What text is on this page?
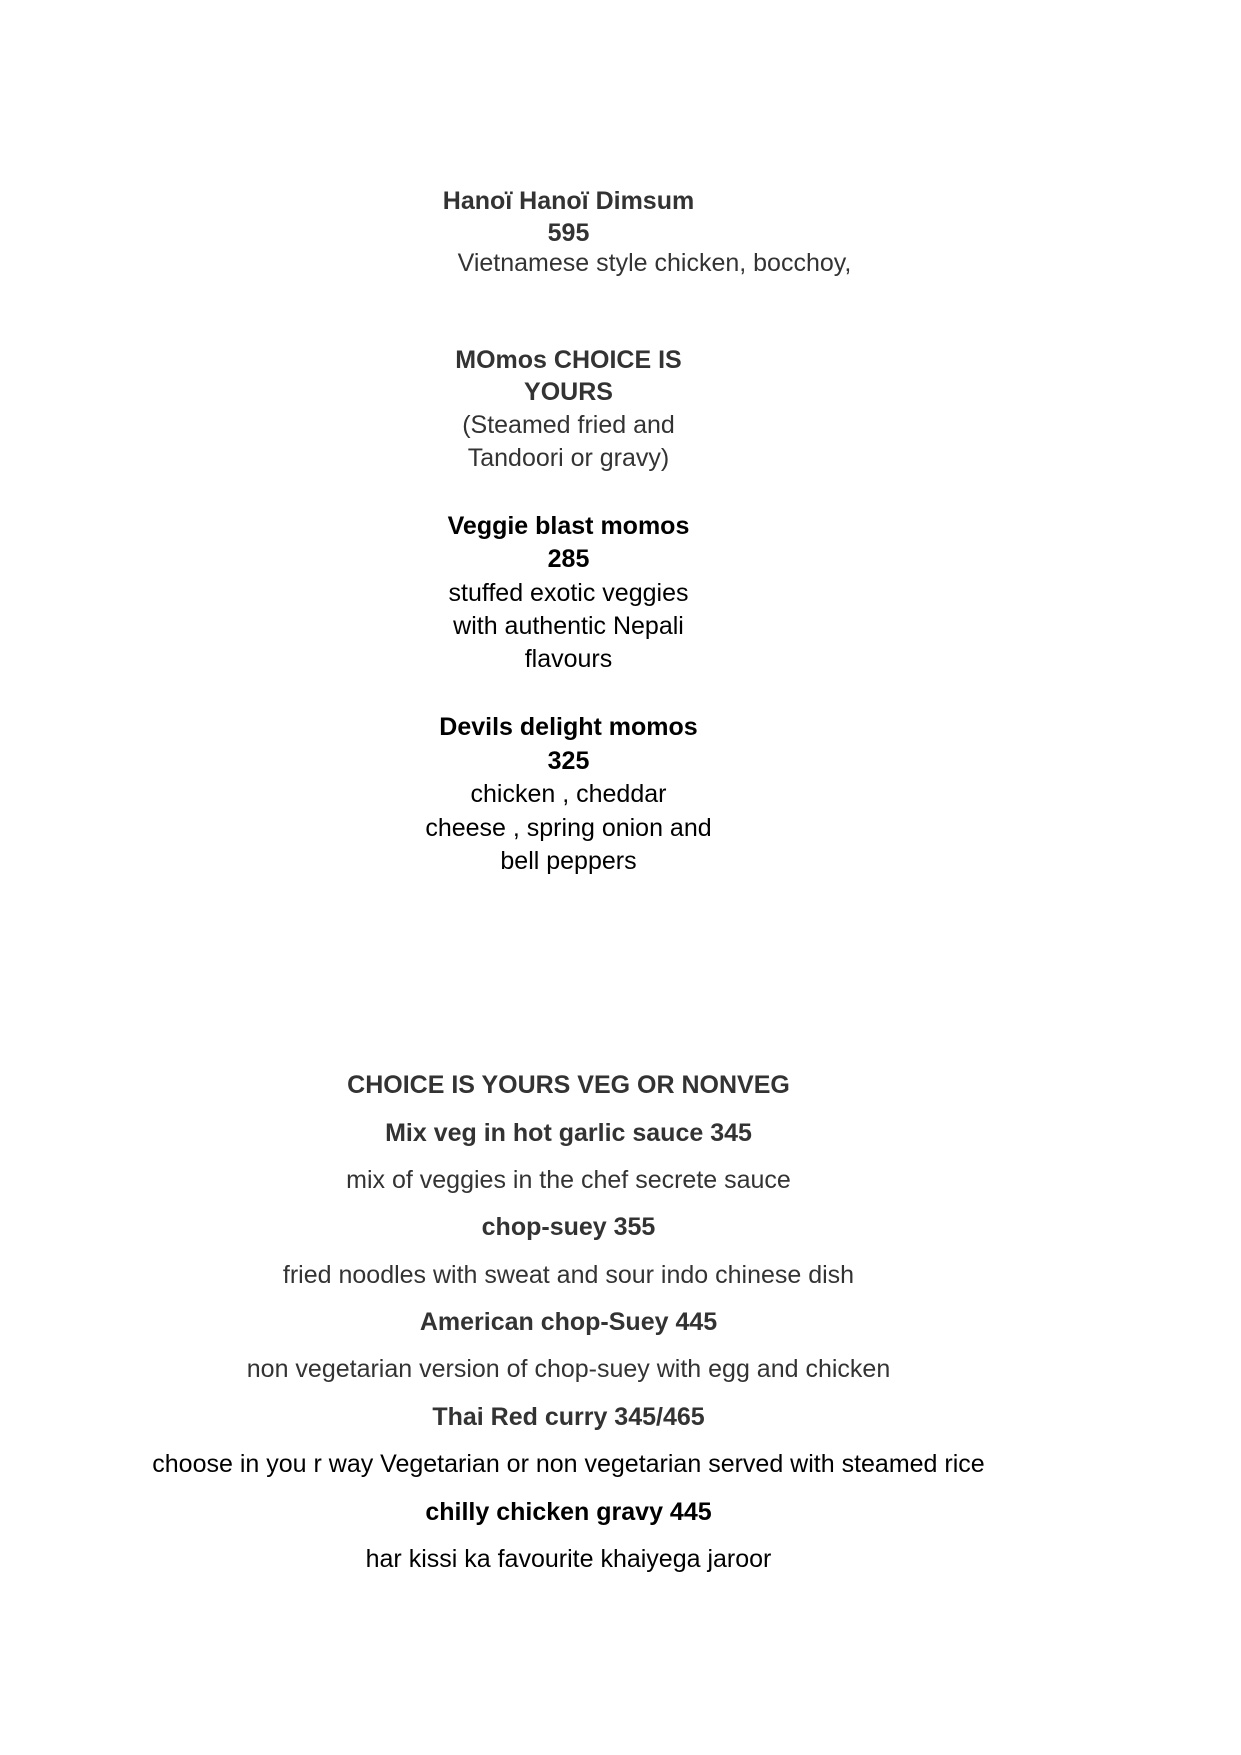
Hanoï Hanoï Dimsum
595
Vietnamese style chicken, bocchoy,
MOmos CHOICE IS
YOURS
(Steamed fried and
Tandoori or gravy)
Veggie blast momos
285
stuffed exotic veggies
with authentic Nepali
flavours
Devils delight momos
325
chicken , cheddar
cheese , spring onion and
bell peppers
CHOICE IS YOURS VEG OR NONVEG
Mix veg in hot garlic sauce 345
mix of veggies in the chef secrete sauce
chop-suey 355
fried noodles with sweat and sour indo chinese dish
American chop-Suey 445
non vegetarian version of chop-suey with egg and chicken
Thai Red curry 345/465
choose in you r way Vegetarian or non vegetarian served with steamed rice
chilly chicken gravy 445
har kissi ka favourite khaiyega jaroor
